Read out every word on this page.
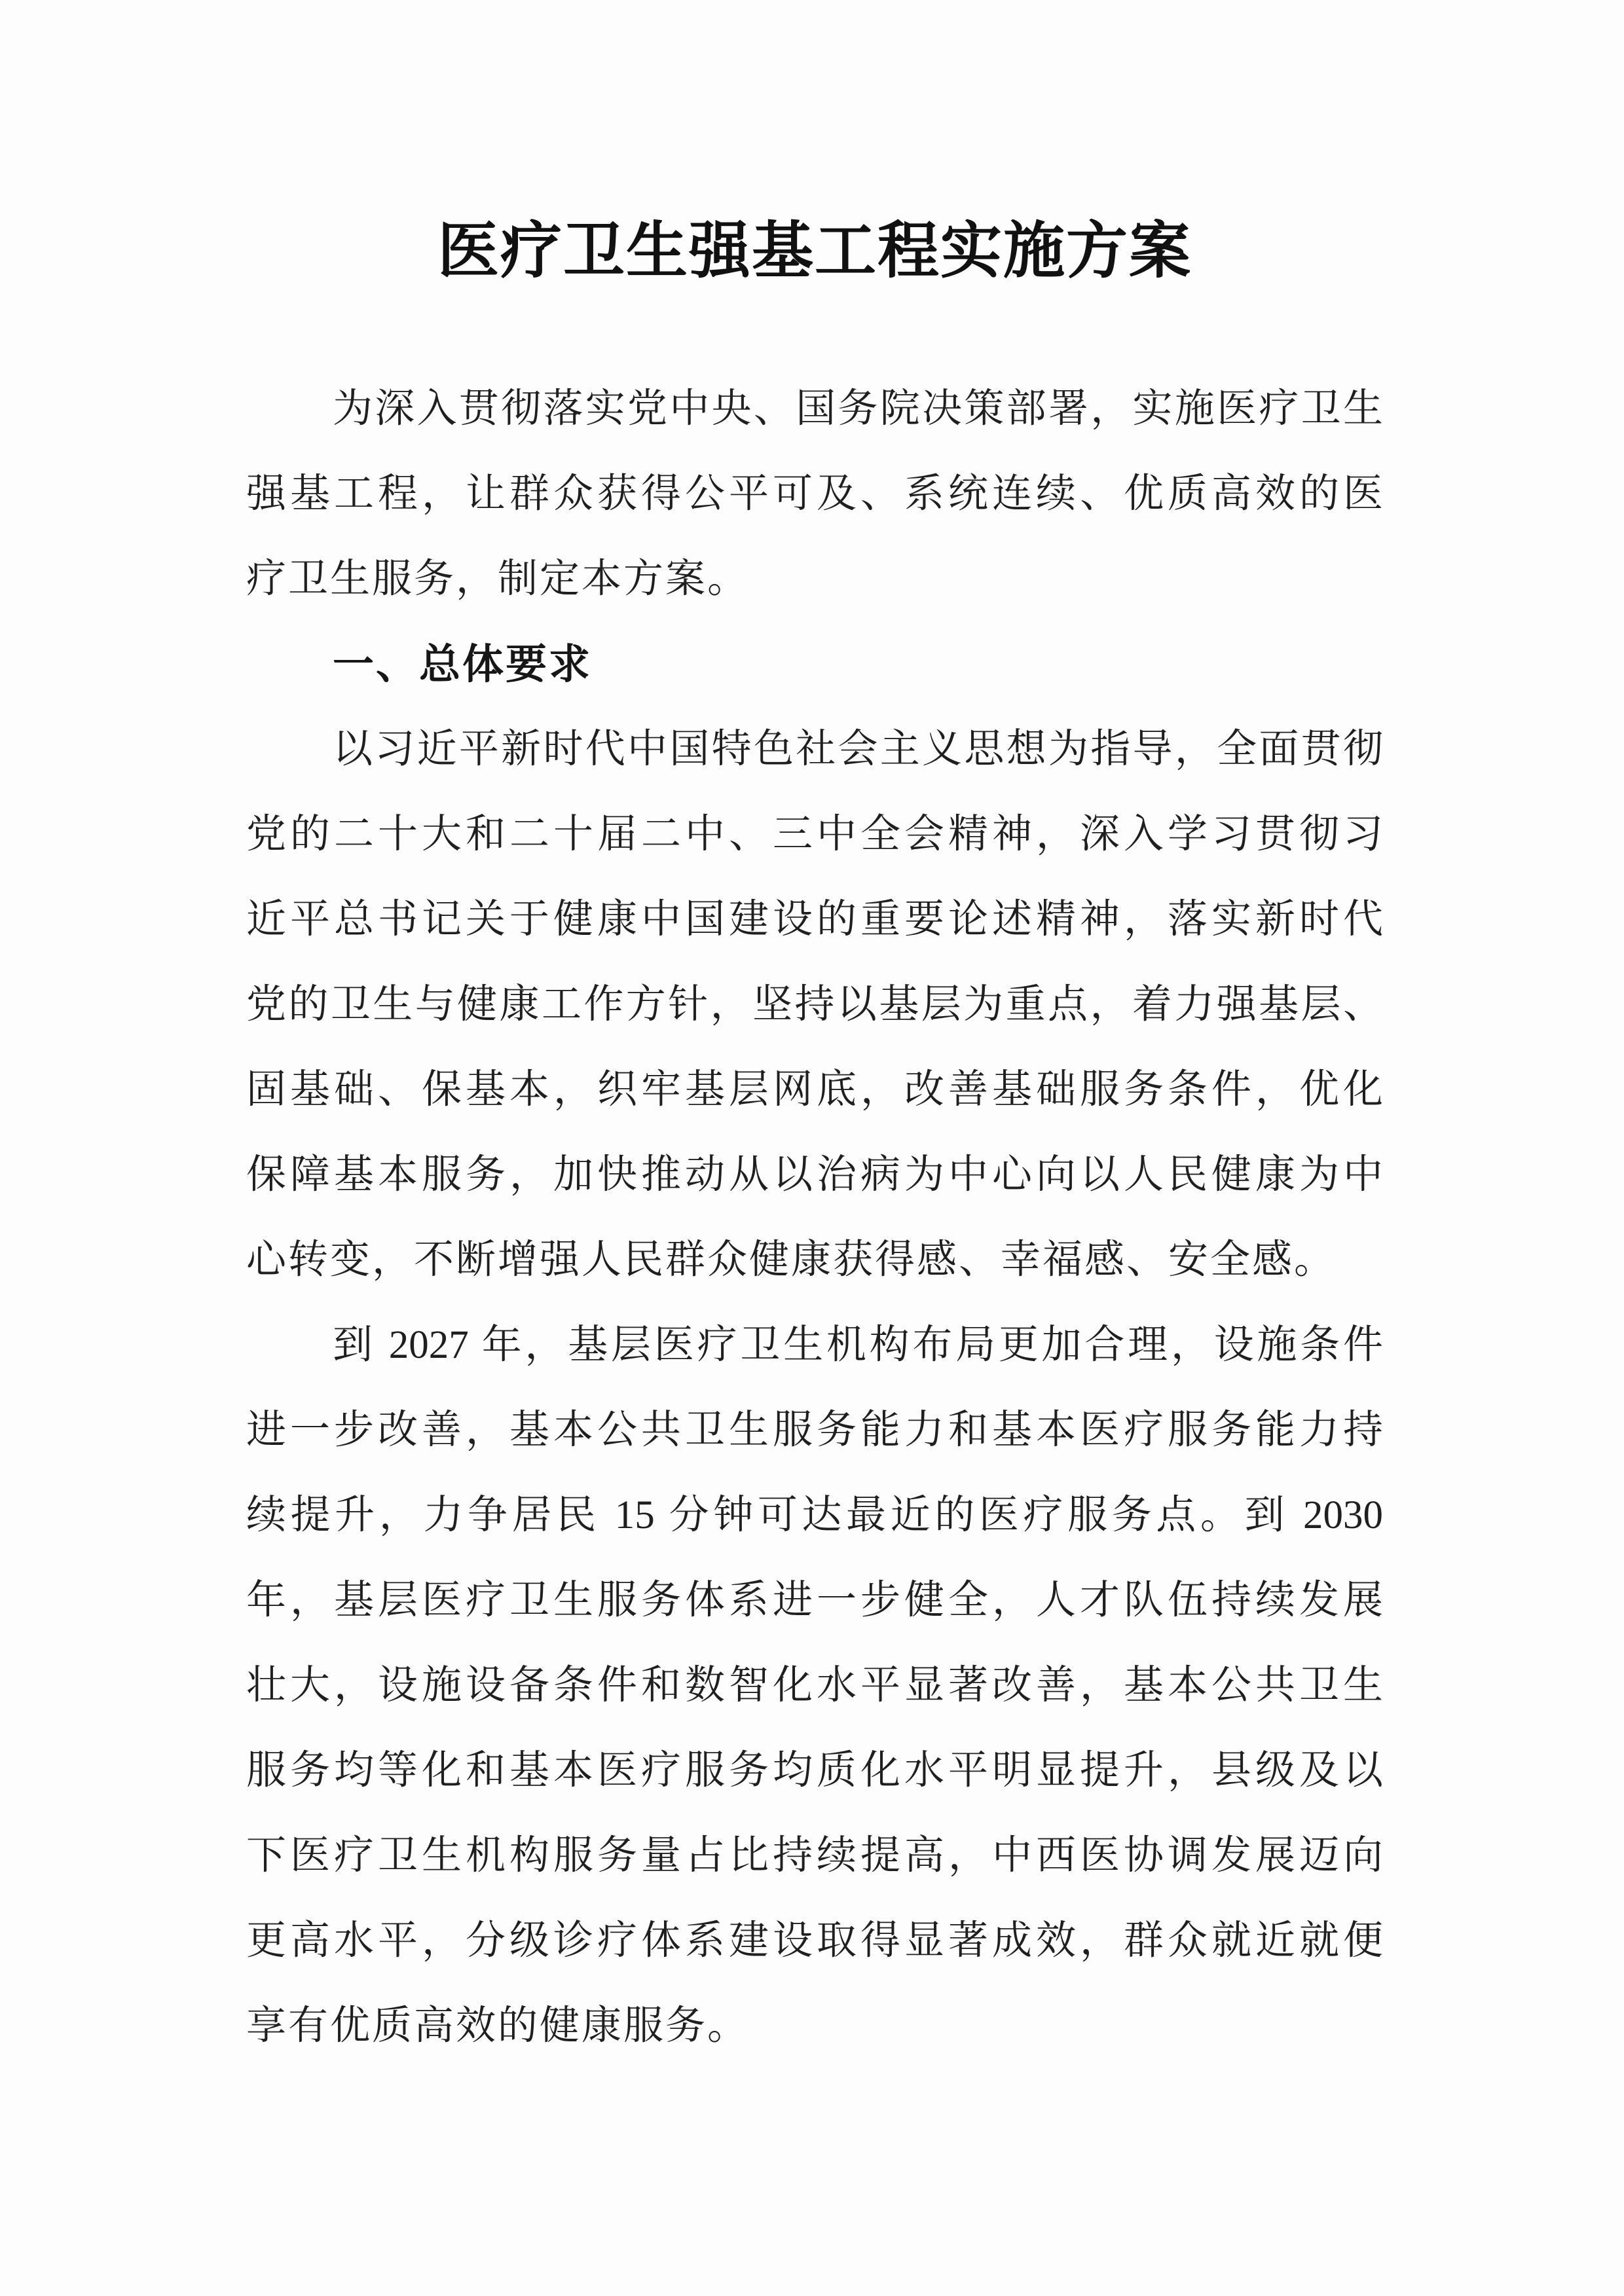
医疗卫生强基工程实施方案

为深入贯彻落实党中央、国务院决策部署，实施医疗卫生

强基工程，让群众获得公平可及、系统连续、优质高效的医

疗卫生服务，制定本方案。

一、总体要求

以习近平新时代中国特色社会主义思想为指导，全面贯彻

党的二十大和二十届二中、三中全会精神，深入学习贯彻习

近平总书记关于健康中国建设的重要论述精神，落实新时代

党的卫生与健康工作方针，坚持以基层为重点，着力强基层、

固基础、保基本，织牢基层网底，改善基础服务条件，优化

保障基本服务，加快推动从以治病为中心向以人民健康为中

心转变，不断增强人民群众健康获得感、幸福感、安全感。

到 2027 年，基层医疗卫生机构布局更加合理，设施条件

进一步改善，基本公共卫生服务能力和基本医疗服务能力持

续提升，力争居民 15 分钟可达最近的医疗服务点。到 2030

年，基层医疗卫生服务体系进一步健全，人才队伍持续发展

壮大，设施设备条件和数智化水平显著改善，基本公共卫生

服务均等化和基本医疗服务均质化水平明显提升，县级及以

下医疗卫生机构服务量占比持续提高，中西医协调发展迈向

更高水平，分级诊疗体系建设取得显著成效，群众就近就便

享有优质高效的健康服务。
